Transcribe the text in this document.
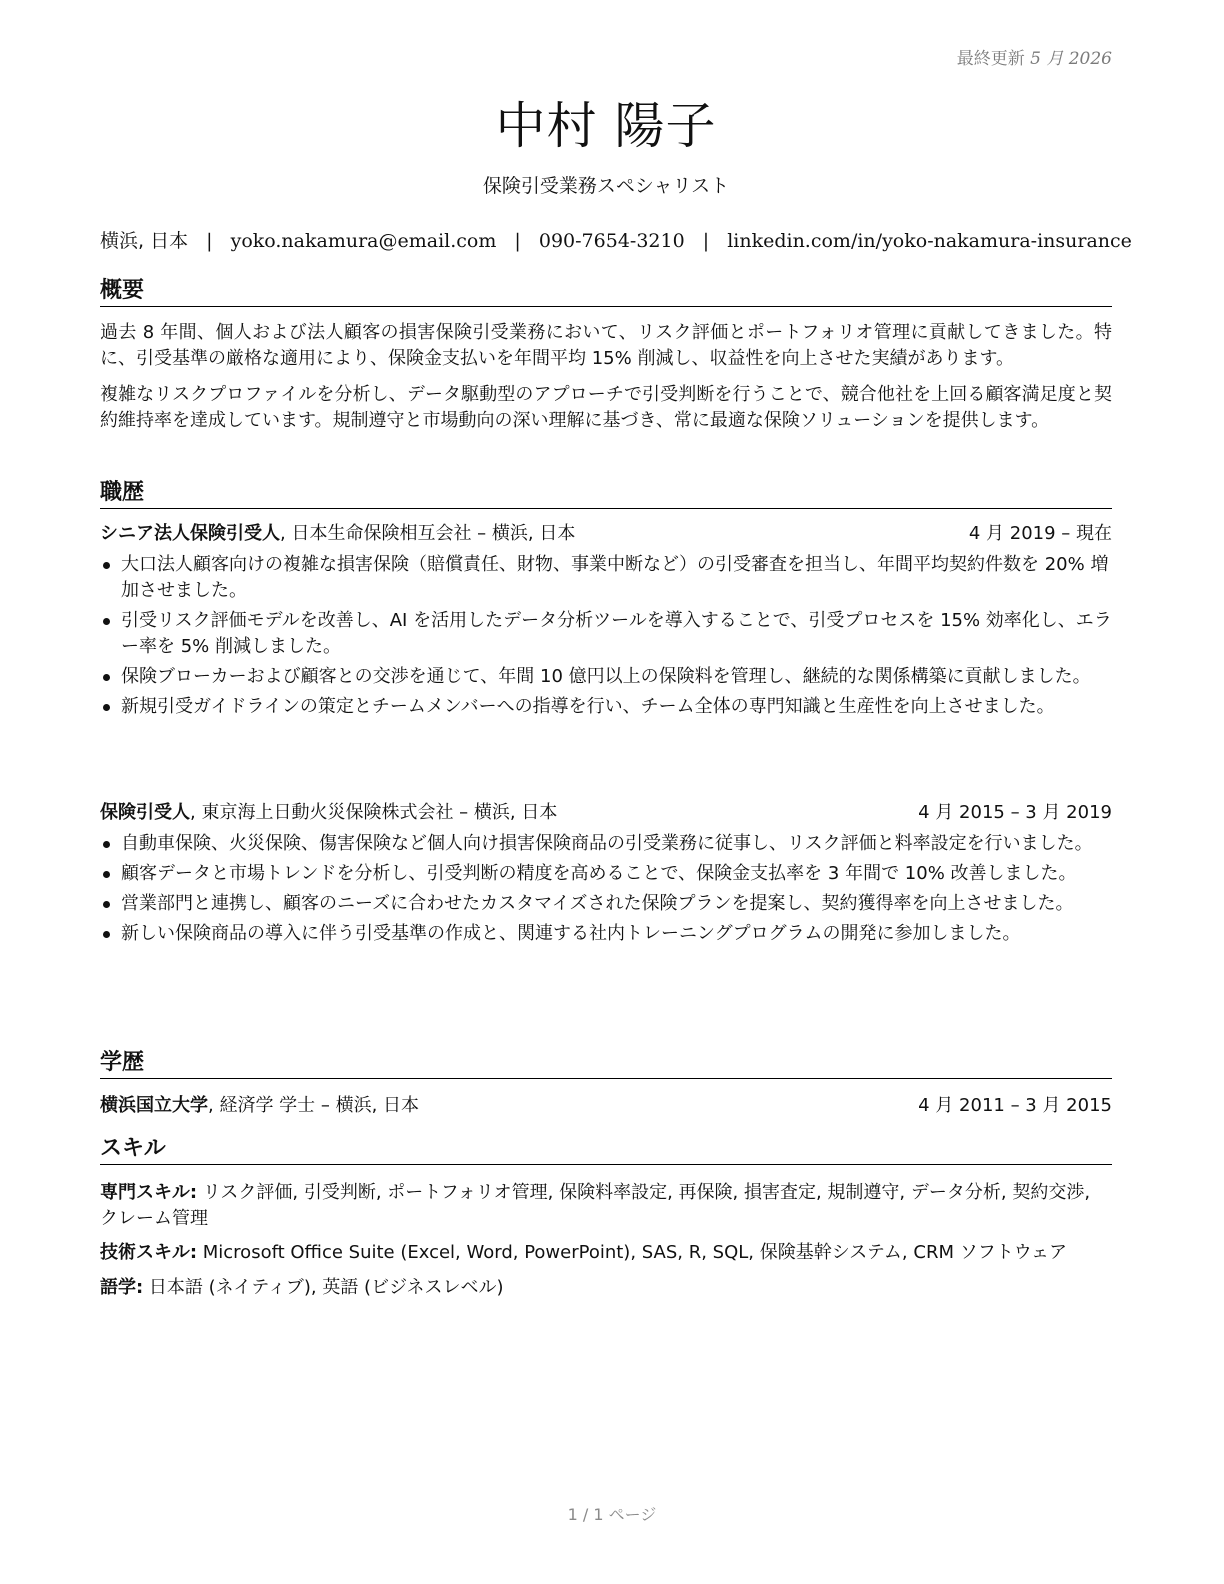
最終更新 5 月 2026
中村 陽子
保険引受業務スペシャリスト
横浜, 日本 | yoko.nakamura@email.com | 090-7654-3210 | linkedin.com/in/yoko-nakamura-insurance
概要

過去 8 年間、個人および法人顧客の損害保険引受業務において、リスク評価とポートフォリオ管理に貢献してきました。特に、引受基準の厳格な適用により、保険金支払いを年間平均 15% 削減し、収益性を向上させた実績があります。

複雑なリスクプロファイルを分析し、データ駆動型のアプローチで引受判断を行うことで、競合他社を上回る顧客満足度と契約維持率を達成しています。規制遵守と市場動向の深い理解に基づき、常に最適な保険ソリューションを提供します。

職歴
シニア法人保険引受人, 日本生命保険相互会社 – 横浜, 日本	4 月 2019 – 現在
大口法人顧客向けの複雑な損害保険（賠償責任、財物、事業中断など）の引受審査を担当し、年間平均契約件数を 20% 増加させました。
引受リスク評価モデルを改善し、AI を活用したデータ分析ツールを導入することで、引受プロセスを 15% 効率化し、エラー率を 5% 削減しました。
保険ブローカーおよび顧客との交渉を通じて、年間 10 億円以上の保険料を管理し、継続的な関係構築に貢献しました。
新規引受ガイドラインの策定とチームメンバーへの指導を行い、チーム全体の専門知識と生産性を向上させました。
保険引受人, 東京海上日動火災保険株式会社 – 横浜, 日本	4 月 2015 – 3 月 2019
自動車保険、火災保険、傷害保険など個人向け損害保険商品の引受業務に従事し、リスク評価と料率設定を行いました。
顧客データと市場トレンドを分析し、引受判断の精度を高めることで、保険金支払率を 3 年間で 10% 改善しました。
営業部門と連携し、顧客のニーズに合わせたカスタマイズされた保険プランを提案し、契約獲得率を向上させました。
新しい保険商品の導入に伴う引受基準の作成と、関連する社内トレーニングプログラムの開発に参加しました。
学歴
横浜国立大学, 経済学 学士 – 横浜, 日本	4 月 2011 – 3 月 2015
スキル
専門スキル: リスク評価, 引受判断, ポートフォリオ管理, 保険料率設定, 再保険, 損害査定, 規制遵守, データ分析, 契約交渉, クレーム管理
技術スキル: Microsoft Office Suite (Excel, Word, PowerPoint), SAS, R, SQL, 保険基幹システム, CRM ソフトウェア
語学: 日本語 (ネイティブ), 英語 (ビジネスレベル)
1 / 1 ページ
